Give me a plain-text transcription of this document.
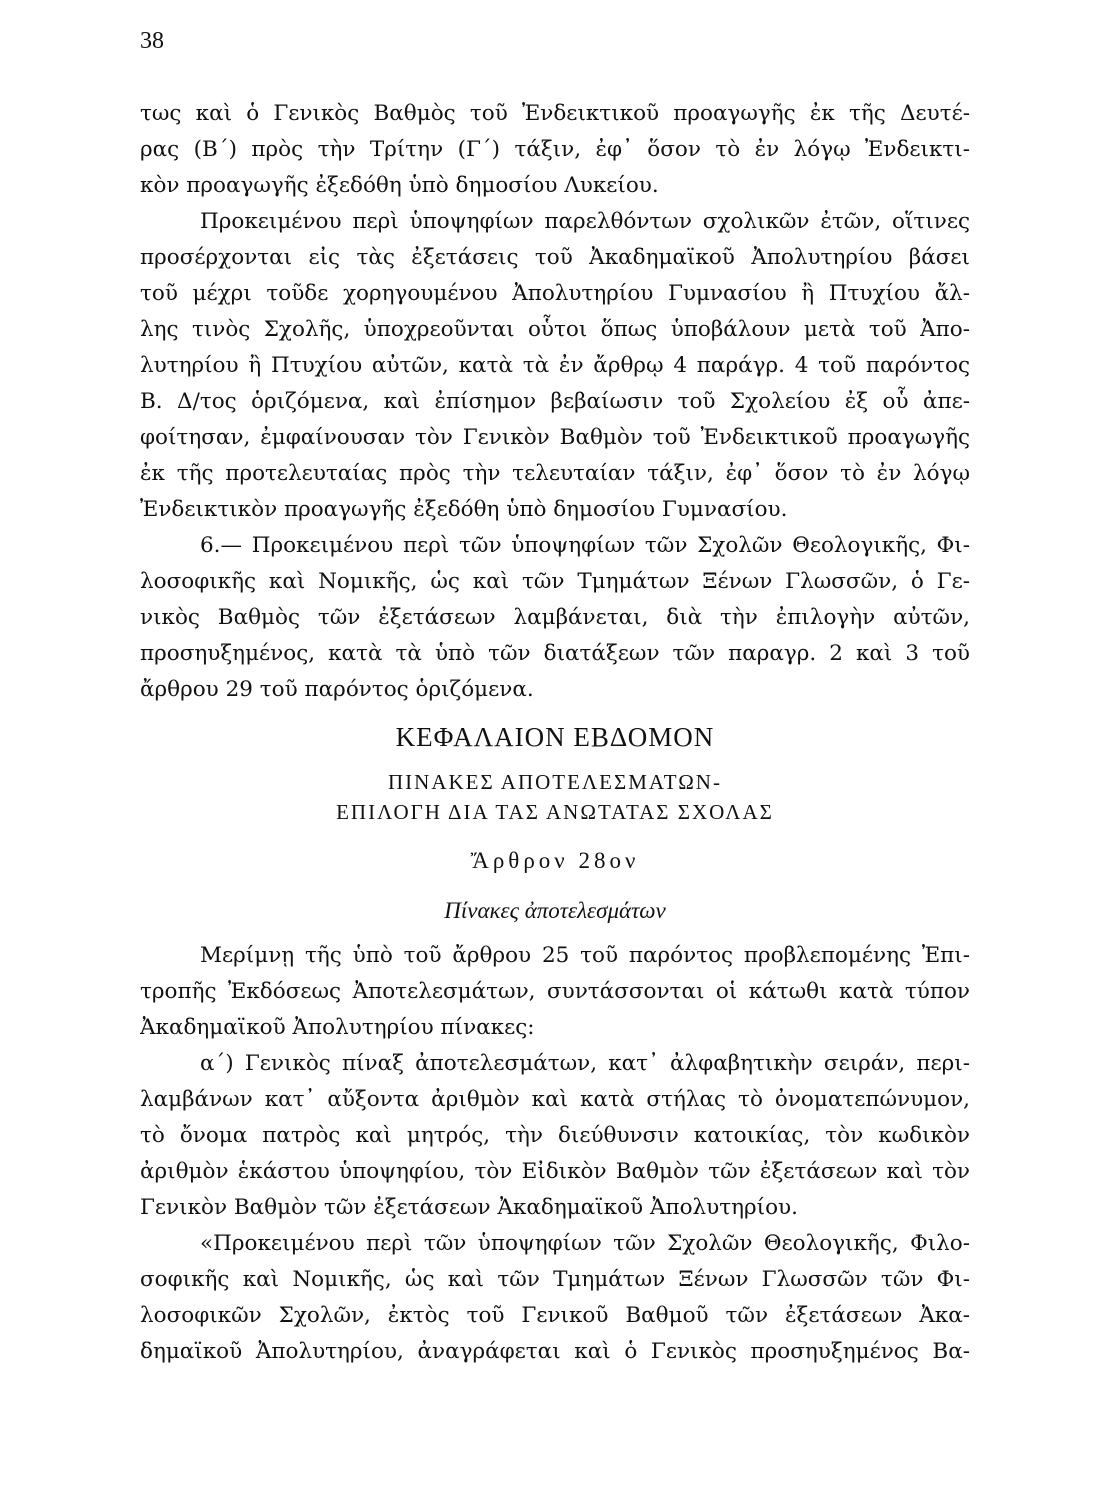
38
τως καὶ ὁ Γενικὸς Βαθμὸς τοῦ Ἐνδεικτικοῦ προαγωγῆς ἐκ τῆς Δευτέ-
ρας (Β΄) πρὸς τὴν Τρίτην (Γ΄) τάξιν, ἐφ᾽ ὅσον τὸ ἐν λόγῳ Ἐνδεικτι-
κὸν προαγωγῆς ἐξεδόθη ὑπὸ δημοσίου Λυκείου.
Προκειμένου περὶ ὑποψηφίων παρελθόντων σχολικῶν ἐτῶν, οἵτινες
προσέρχονται εἰς τὰς ἐξετάσεις τοῦ Ἀκαδημαϊκοῦ Ἀπολυτηρίου βάσει
τοῦ μέχρι τοῦδε χορηγουμένου Ἀπολυτηρίου Γυμνασίου ἢ Πτυχίου ἄλ-
λης τινὸς Σχολῆς, ὑποχρεοῦνται οὗτοι ὅπως ὑποβάλουν μετὰ τοῦ Ἀπο-
λυτηρίου ἢ Πτυχίου αὐτῶν, κατὰ τὰ ἐν ἄρθρῳ 4 παράγρ. 4 τοῦ παρόντος
Β. Δ/τος ὁριζόμενα, καὶ ἐπίσημον βεβαίωσιν τοῦ Σχολείου ἐξ οὗ ἀπε-
φοίτησαν, ἐμφαίνουσαν τὸν Γενικὸν Βαθμὸν τοῦ Ἐνδεικτικοῦ προαγωγῆς
ἐκ τῆς προτελευταίας πρὸς τὴν τελευταίαν τάξιν, ἐφ᾽ ὅσον τὸ ἐν λόγῳ
Ἐνδεικτικὸν προαγωγῆς ἐξεδόθη ὑπὸ δημοσίου Γυμνασίου.
6.— Προκειμένου περὶ τῶν ὑποψηφίων τῶν Σχολῶν Θεολογικῆς, Φι-
λοσοφικῆς καὶ Νομικῆς, ὡς καὶ τῶν Τμημάτων Ξένων Γλωσσῶν, ὁ Γε-
νικὸς Βαθμὸς τῶν ἐξετάσεων λαμβάνεται, διὰ τὴν ἐπιλογὴν αὐτῶν,
προσηυξημένος, κατὰ τὰ ὑπὸ τῶν διατάξεων τῶν παραγρ. 2 καὶ 3 τοῦ
ἄρθρου 29 τοῦ παρόντος ὁριζόμενα.
ΚΕΦΑΛΑΙΟΝ ΕΒΔΟΜΟΝ
ΠΙΝΑΚΕΣ ΑΠΟΤΕΛΕΣΜΑΤΩΝ-
ΕΠΙΛΟΓΗ ΔΙΑ ΤΑΣ ΑΝΩΤΑΤΑΣ ΣΧΟΛΑΣ
Ἄρθρον 28ον
Πίνακες ἀποτελεσμάτων
Μερίμνῃ τῆς ὑπὸ τοῦ ἄρθρου 25 τοῦ παρόντος προβλεπομένης Ἐπι-
τροπῆς Ἐκδόσεως Ἀποτελεσμάτων, συντάσσονται οἱ κάτωθι κατὰ τύπον
Ἀκαδημαϊκοῦ Ἀπολυτηρίου πίνακες:
α΄) Γενικὸς πίναξ ἀποτελεσμάτων, κατ᾽ ἀλφαβητικὴν σειράν, περι-
λαμβάνων κατ᾽ αὔξοντα ἀριθμὸν καὶ κατὰ στήλας τὸ ὀνοματεπώνυμον,
τὸ ὄνομα πατρὸς καὶ μητρός, τὴν διεύθυνσιν κατοικίας, τὸν κωδικὸν
ἀριθμὸν ἑκάστου ὑποψηφίου, τὸν Εἰδικὸν Βαθμὸν τῶν ἐξετάσεων καὶ τὸν
Γενικὸν Βαθμὸν τῶν ἐξετάσεων Ἀκαδημαϊκοῦ Ἀπολυτηρίου.
«Προκειμένου περὶ τῶν ὑποψηφίων τῶν Σχολῶν Θεολογικῆς, Φιλο-
σοφικῆς καὶ Νομικῆς, ὡς καὶ τῶν Τμημάτων Ξένων Γλωσσῶν τῶν Φι-
λοσοφικῶν Σχολῶν, ἐκτὸς τοῦ Γενικοῦ Βαθμοῦ τῶν ἐξετάσεων Ἀκα-
δημαϊκοῦ Ἀπολυτηρίου, ἀναγράφεται καὶ ὁ Γενικὸς προσηυξημένος Βα-
